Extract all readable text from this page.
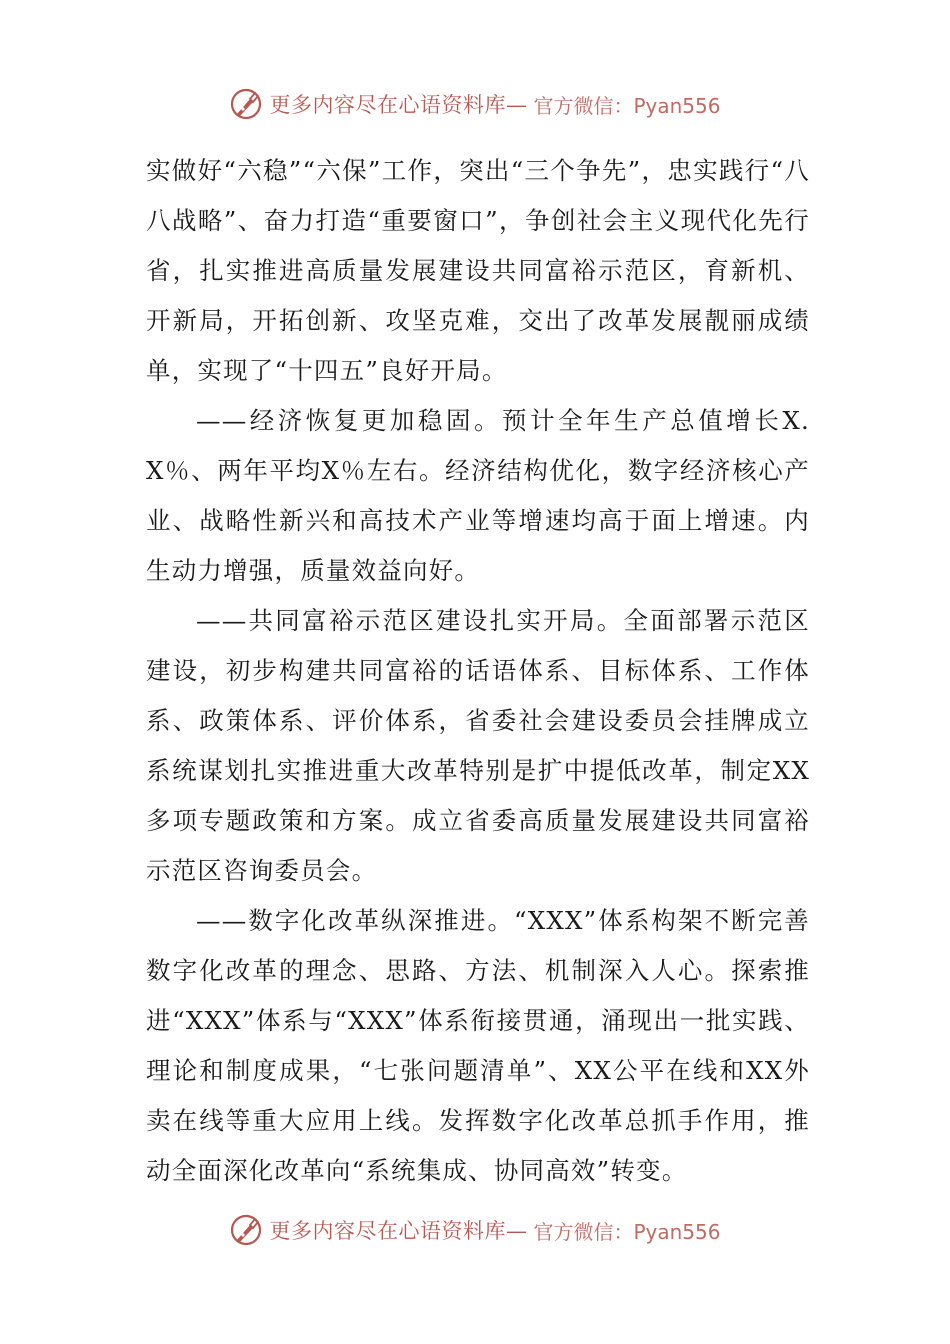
更多内容尽在心语资料库— 官方微信：Pyan556

实做好“六稳”“六保”工作，突出“三个争先”，忠实践行“八八战略”、奋力打造“重要窗口”，争创社会主义现代化先行省，扎实推进高质量发展建设共同富裕示范区，育新机、开新局，开拓创新、攻坚克难，交出了改革发展靓丽成绩单，实现了“十四五”良好开局。

——经济恢复更加稳固。预计全年生产总值增长X.X％、两年平均X％左右。经济结构优化，数字经济核心产业、战略性新兴和高技术产业等增速均高于面上增速。内生动力增强，质量效益向好。

——共同富裕示范区建设扎实开局。全面部署示范区建设，初步构建共同富裕的话语体系、目标体系、工作体系、政策体系、评价体系，省委社会建设委员会挂牌成立系统谋划扎实推进重大改革特别是扩中提低改革，制定XX多项专题政策和方案。成立省委高质量发展建设共同富裕示范区咨询委员会。

——数字化改革纵深推进。“XXX”体系构架不断完善数字化改革的理念、思路、方法、机制深入人心。探索推进“XXX”体系与“XXX”体系衔接贯通，涌现出一批实践、理论和制度成果，“七张问题清单”、XX公平在线和XX外卖在线等重大应用上线。发挥数字化改革总抓手作用，推动全面深化改革向“系统集成、协同高效”转变。

更多内容尽在心语资料库— 官方微信：Pyan556
